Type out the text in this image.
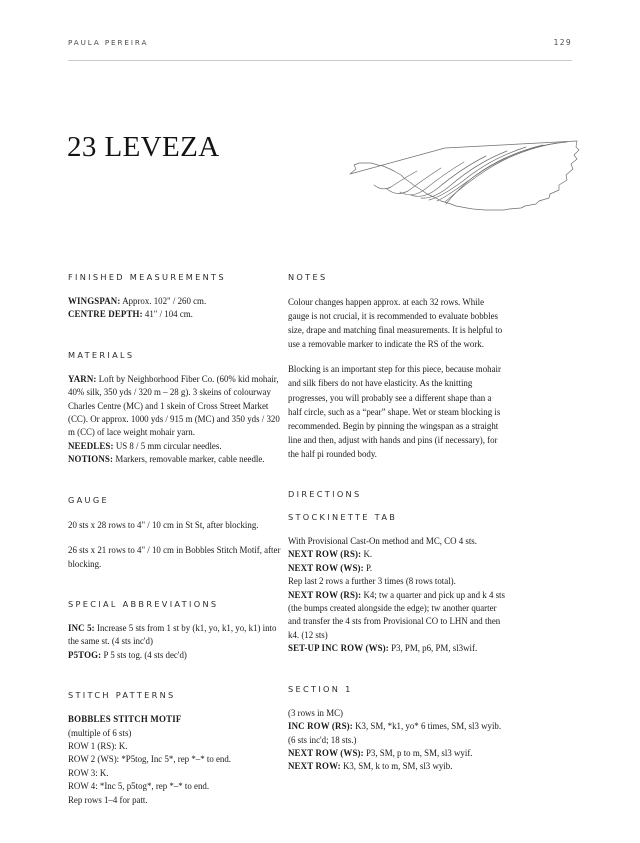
PAULA PEREIRA	129
23 LEVEZA
FINISHED MEASUREMENTS
WINGSPAN: Approx. 102" / 260 cm.
CENTRE DEPTH: 41" / 104 cm.
MATERIALS
YARN: Loft by Neighborhood Fiber Co. (60% kid mohair, 40% silk, 350 yds / 320 m – 28 g). 3 skeins of colourway Charles Centre (MC) and 1 skein of Cross Street Market (CC). Or approx. 1000 yds / 915 m (MC) and 350 yds / 320 m (CC) of lace weight mohair yarn.
NEEDLES: US 8 / 5 mm circular needles.
NOTIONS: Markers, removable marker, cable needle.
GAUGE

20 sts x 28 rows to 4" / 10 cm in St St, after blocking.

26 sts x 21 rows to 4" / 10 cm in Bobbles Stitch Motif, after blocking.

SPECIAL ABBREVIATIONS
INC 5: Increase 5 sts from 1 st by (k1, yo, k1, yo, k1) into the same st. (4 sts inc'd)
P5TOG: P 5 sts tog. (4 sts dec'd)
STITCH PATTERNS
BOBBLES STITCH MOTIF
(multiple of 6 sts)
ROW 1 (RS): K.
ROW 2 (WS): *P5tog, Inc 5*, rep *–* to end.
ROW 3: K.
ROW 4: *Inc 5, p5tog*, rep *–* to end.
Rep rows 1–4 for patt.
NOTES

Colour changes happen approx. at each 32 rows. While gauge is not crucial, it is recommended to evaluate bobbles size, drape and matching final measurements. It is helpful to use a removable marker to indicate the RS of the work.

Blocking is an important step for this piece, because mohair and silk fibers do not have elasticity. As the knitting progresses, you will probably see a different shape than a half circle, such as a “pear” shape. Wet or steam blocking is recommended. Begin by pinning the wingspan as a straight line and then, adjust with hands and pins (if necessary), for the half pi rounded body.

DIRECTIONS
STOCKINETTE TAB
With Provisional Cast-On method and MC, CO 4 sts.
NEXT ROW (RS): K.
NEXT ROW (WS): P.
Rep last 2 rows a further 3 times (8 rows total).
NEXT ROW (RS): K4; tw a quarter and pick up and k 4 sts (the bumps created alongside the edge); tw another quarter and transfer the 4 sts from Provisional CO to LHN and then k4. (12 sts)
SET-UP INC ROW (WS): P3, PM, p6, PM, sl3wif.
SECTION 1
(3 rows in MC)
INC ROW (RS): K3, SM, *k1, yo* 6 times, SM, sl3 wyib.
(6 sts inc'd; 18 sts.)
NEXT ROW (WS): P3, SM, p to m, SM, sl3 wyif.
NEXT ROW: K3, SM, k to m, SM, sl3 wyib.
